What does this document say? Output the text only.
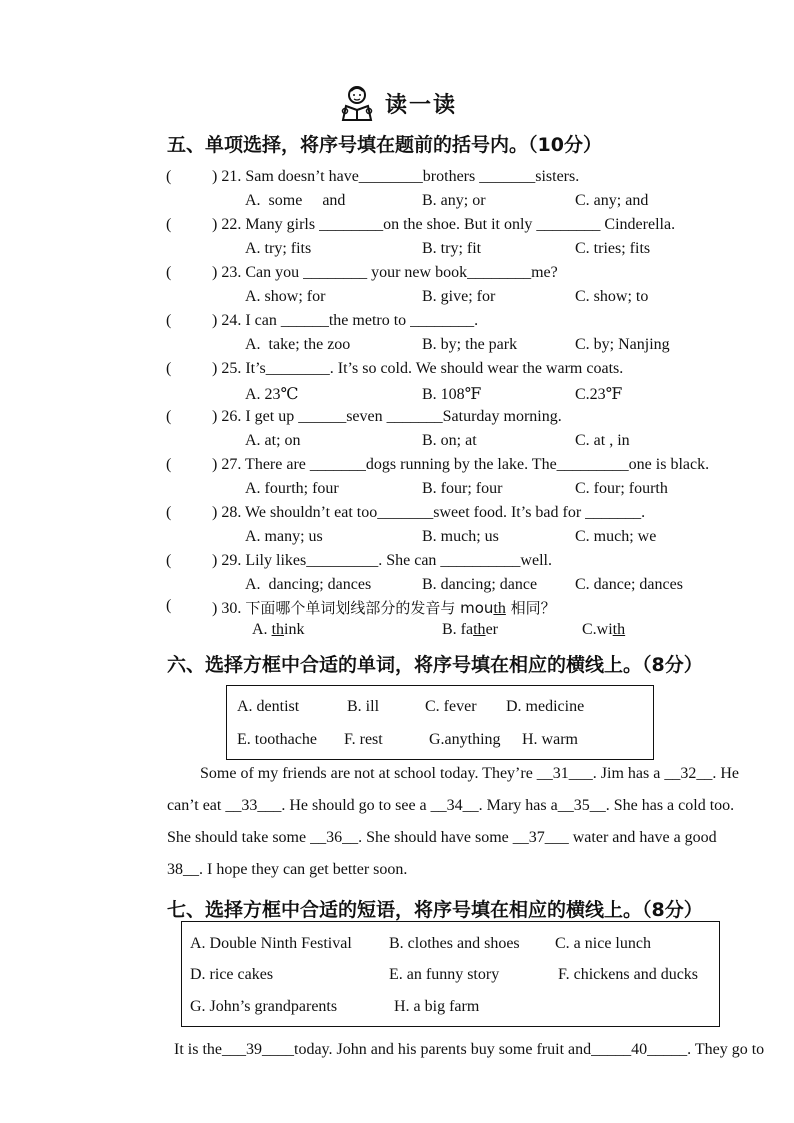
读一读
五、单项选择，将序号填在题前的括号内。（10分）
(	) 21. Sam doesn’t have________brothers _______sisters.
A.  some     and	B. any; or	C. any; and
(	) 22. Many girls ________on the shoe. But it only ________ Cinderella.
A. try; fits	B. try; fit	C. tries; fits
(	) 23. Can you ________ your new book________me?
A. show; for	B. give; for	C. show; to
(	) 24. I can ______the metro to ________.
A.  take; the zoo	B. by; the park	C. by; Nanjing
(	) 25. It’s________. It’s so cold. We should wear the warm coats.
A. 23℃	B. 108℉	C.23℉
(	) 26. I get up ______seven _______Saturday morning.
A. at; on	B. on; at	C. at , in
(	) 27. There are _______dogs running by the lake. The_________one is black.
A. fourth; four	B. four; four	C. four; fourth
(	) 28. We shouldn’t eat too_______sweet food. It’s bad for _______.
A. many; us	B. much; us	C. much; we
(	) 29. Lily likes_________. She can __________well.
A.  dancing; dances	B. dancing; dance C. dance; dances
(	) 30. 下面哪个单词划线部分的发音与 mouth 相同？
A. think	B. father	C.with
六、选择方框中合适的单词，将序号填在相应的横线上。（8分）
A. dentist	B. ill	C. fever D. medicine
E. toothache F. rest	G.anything H. warm
Some of my friends are not at school today. They’re __31___. Jim has a __32__. He
can’t eat __33___. He should go to see a __34__. Mary has a__35__. She has a cold too.
She should take some __36__. She should have some __37___ water and have a good
38__. I hope they can get better soon.
七、选择方框中合适的短语，将序号填在相应的横线上。（8分）
A. Double Ninth Festival B. clothes and shoes C. a nice lunch
D. rice cakes	E. an funny story	F. chickens and ducks
G. John’s grandparents	H. a big farm
It is the___39____today. John and his parents buy some fruit and_____40_____. They go to
